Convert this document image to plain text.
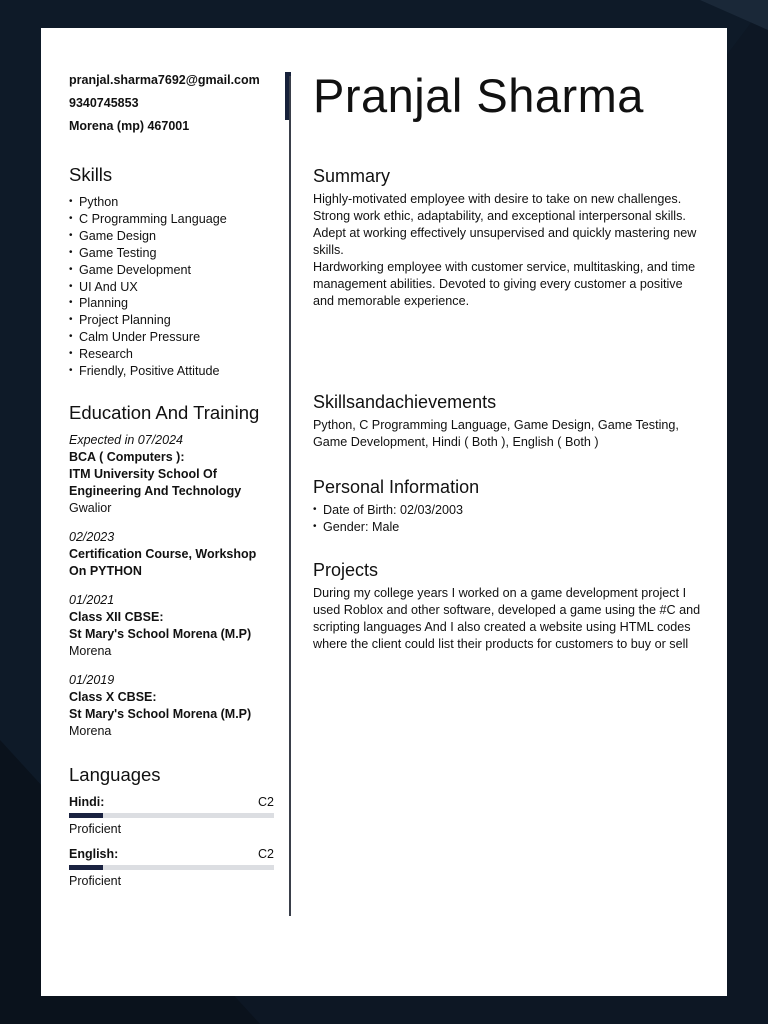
pranjal.sharma7692@gmail.com
9340745853
Morena (mp) 467001
Skills
• Python
• C Programming Language
• Game Design
• Game Testing
• Game Development
• UI And UX
• Planning
• Project Planning
• Calm Under Pressure
• Research
• Friendly, Positive Attitude
Education And Training
Expected in 07/2024
BCA ( Computers ):
ITM University School Of Engineering And Technology
Gwalior
02/2023
Certification Course, Workshop On PYTHON
01/2021
Class XII CBSE:
St Mary's School Morena (M.P)
Morena
01/2019
Class X CBSE:
St Mary's School Morena (M.P)
Morena
Languages
Hindi:	C2
Proficient
English:	C2
Proficient
Pranjal Sharma
Summary

Highly-motivated employee with desire to take on new challenges. Strong work ethic, adaptability, and exceptional interpersonal skills. Adept at working effectively unsupervised and quickly mastering new skills.

Hardworking employee with customer service, multitasking, and time management abilities. Devoted to giving every customer a positive and memorable experience.

Skillsandachievements

Python, C Programming Language, Game Design, Game Testing, Game Development, Hindi ( Both ), English ( Both )

Personal Information
• Date of Birth: 02/03/2003
• Gender: Male
Projects

During my college years I worked on a game development project I used Roblox and other software, developed a game using the #C and scripting languages And I also created a website using HTML codes where the client could list their products for customers to buy or sell
